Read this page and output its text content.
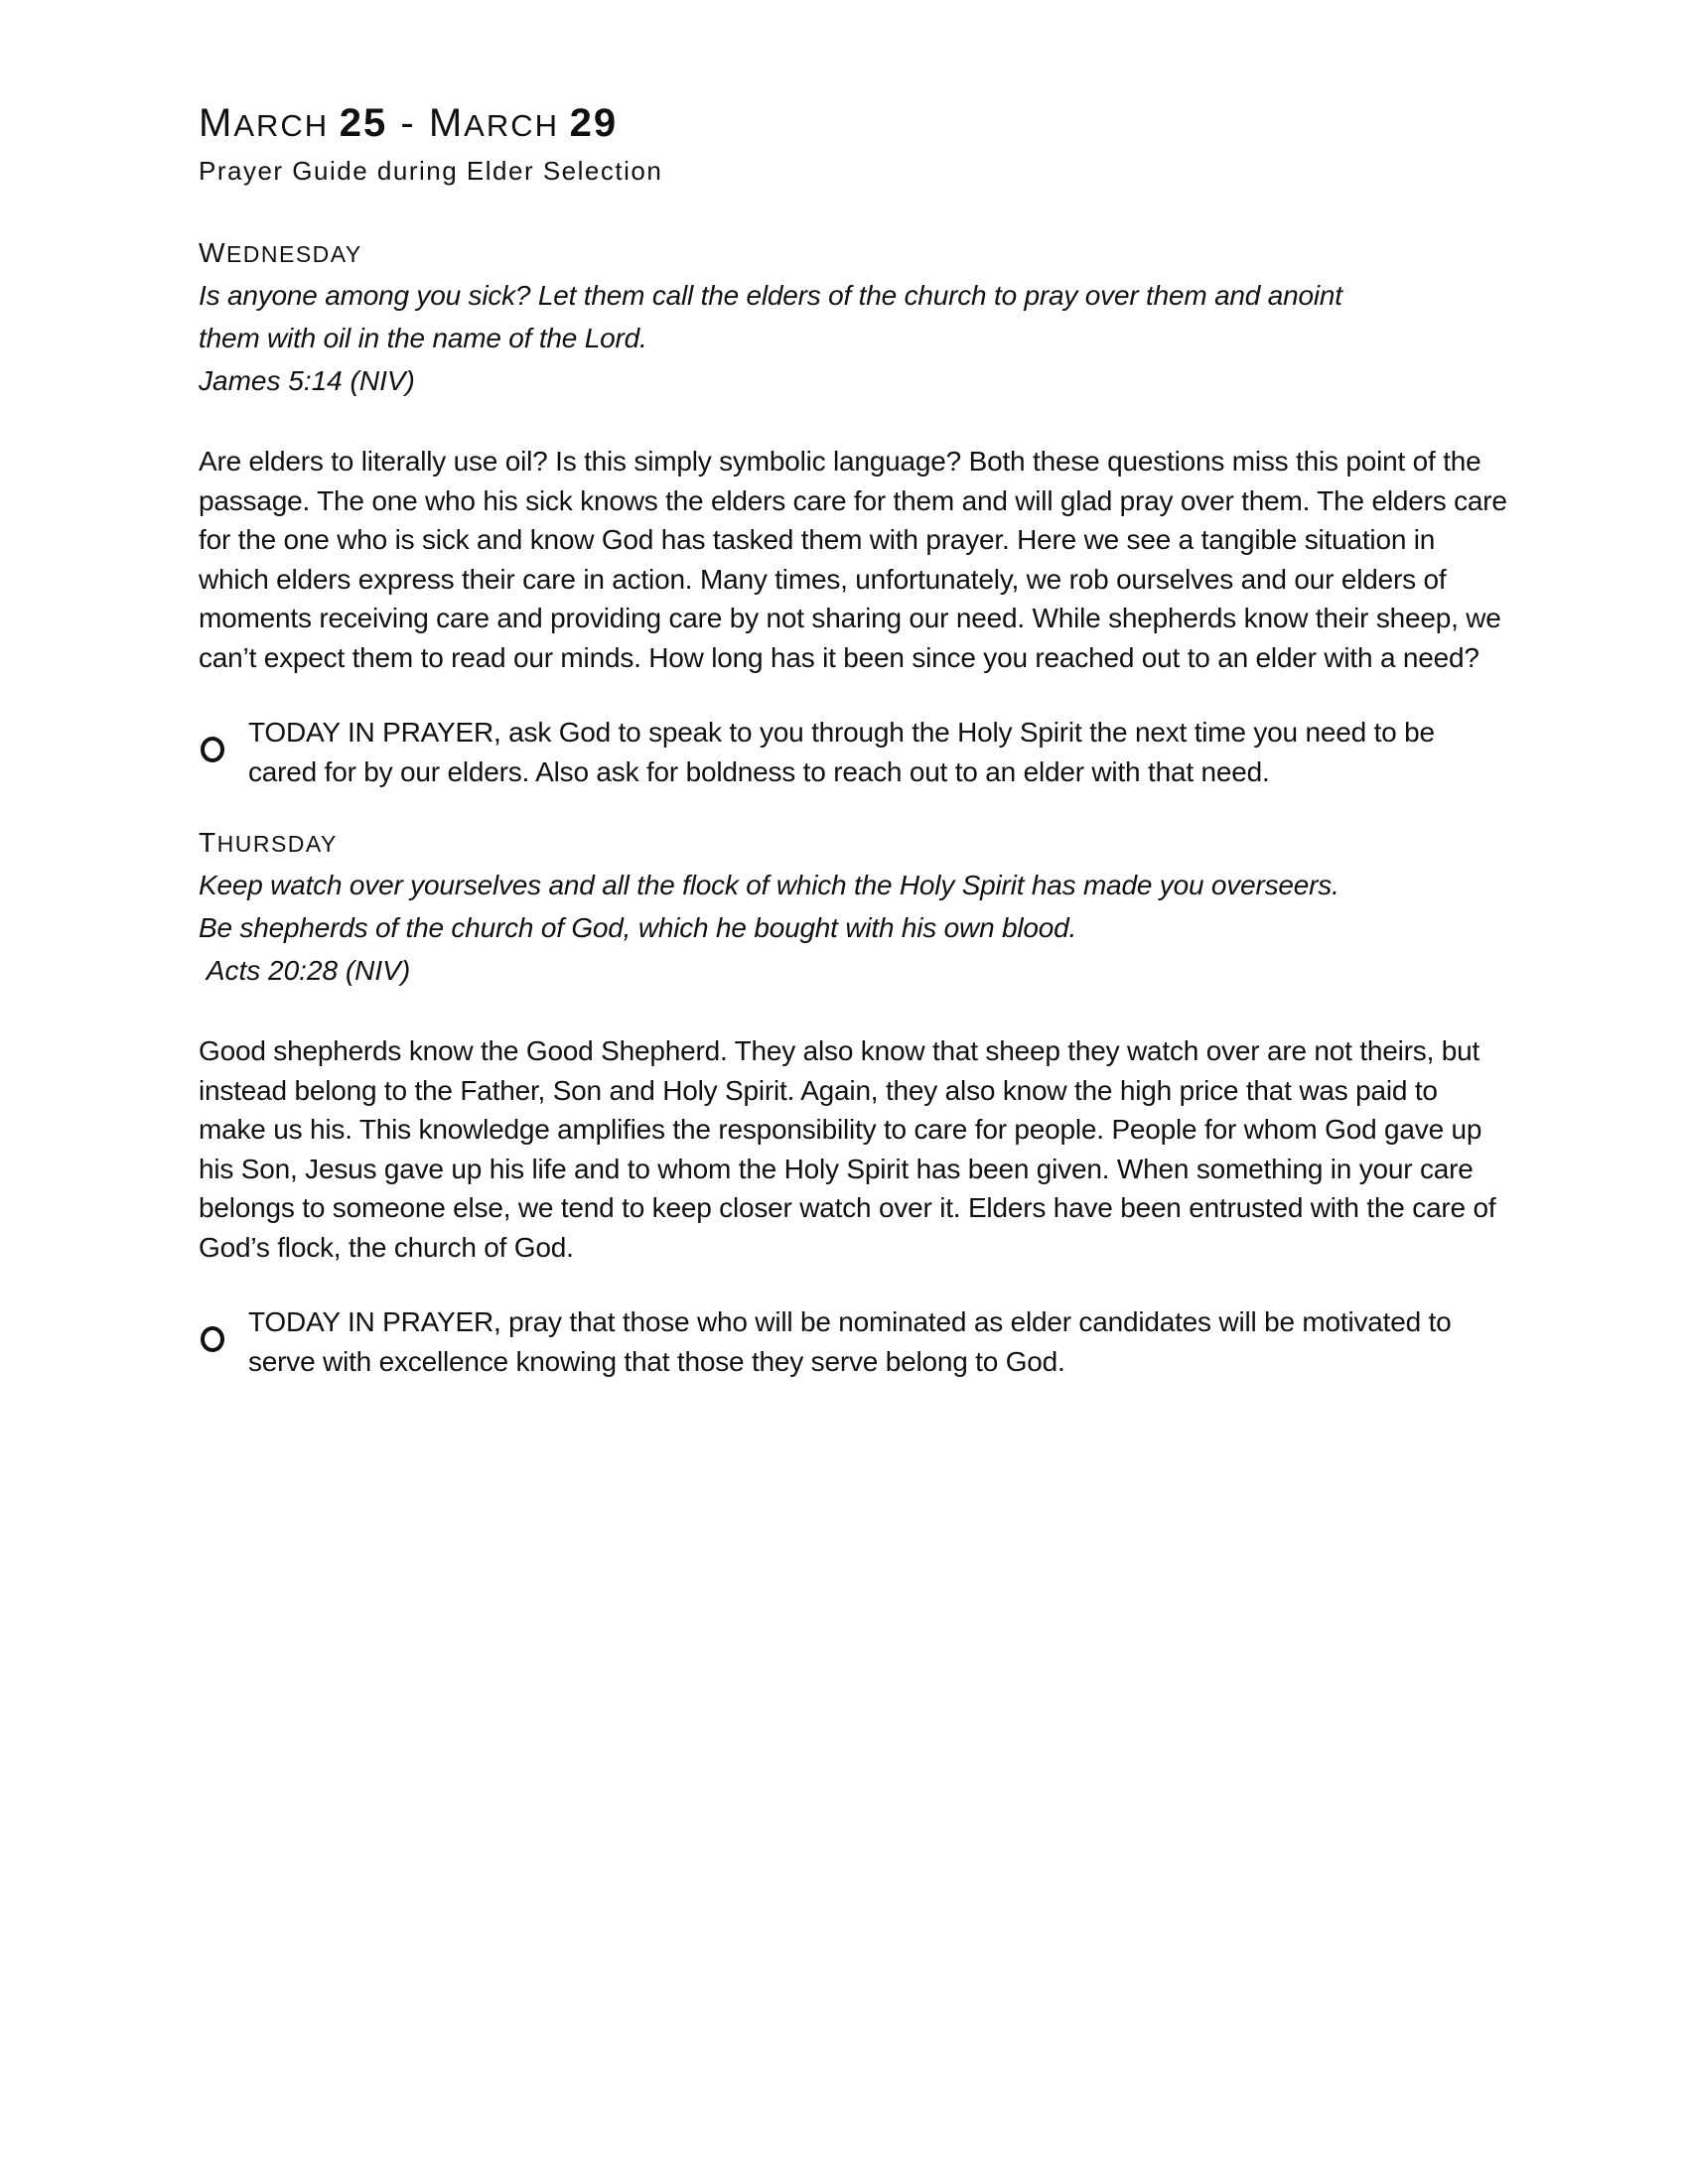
MARCH 25 - MARCH 29

Prayer Guide during Elder Selection

WEDNESDAY

Is anyone among you sick? Let them call the elders of the church to pray over them and anoint
them with oil in the name of the Lord.

James 5:14 (NIV)

Are elders to literally use oil? Is this simply symbolic language? Both these questions miss this point of the passage. The one who his sick knows the elders care for them and will glad pray over them. The elders care for the one who is sick and know God has tasked them with prayer. Here we see a tangible situation in which elders express their care in action. Many times, unfortunately, we rob ourselves and our elders of moments receiving care and providing care by not sharing our need. While shepherds know their sheep, we can’t expect them to read our minds. How long has it been since you reached out to an elder with a need?

TODAY IN PRAYER, ask God to speak to you through the Holy Spirit the next time you need to be cared for by our elders. Also ask for boldness to reach out to an elder with that need.
THURSDAY

Keep watch over yourselves and all the flock of which the Holy Spirit has made you overseers.
Be shepherds of the church of God, which he bought with his own blood.

Acts 20:28 (NIV)

Good shepherds know the Good Shepherd. They also know that sheep they watch over are not theirs, but instead belong to the Father, Son and Holy Spirit. Again, they also know the high price that was paid to make us his. This knowledge amplifies the responsibility to care for people. People for whom God gave up his Son, Jesus gave up his life and to whom the Holy Spirit has been given. When something in your care belongs to someone else, we tend to keep closer watch over it. Elders have been entrusted with the care of God’s flock, the church of God.

TODAY IN PRAYER, pray that those who will be nominated as elder candidates will be motivated to serve with excellence knowing that those they serve belong to God.
